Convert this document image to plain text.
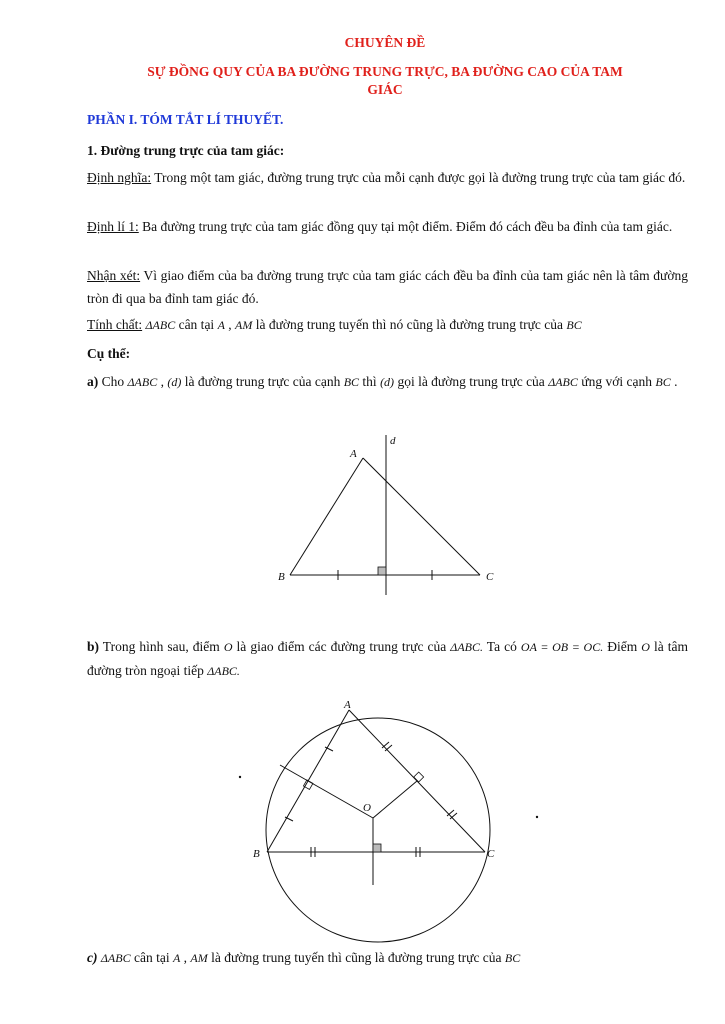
CHUYÊN ĐỀ
SỰ ĐỒNG QUY CỦA BA ĐƯỜNG TRUNG TRỰC, BA ĐƯỜNG CAO CỦA TAM
GIÁC
PHẦN I. TÓM TẮT LÍ THUYẾT.
1. Đường trung trực của tam giác:
Định nghĩa: Trong một tam giác, đường trung trực của mỗi cạnh được gọi là đường trung trực của tam giác đó.
Định lí 1: Ba đường trung trực của tam giác đồng quy tại một điểm. Điểm đó cách đều ba đỉnh của tam giác.
Nhận xét: Vì giao điểm của ba đường trung trực của tam giác cách đều ba đỉnh của tam giác nên là tâm đường tròn đi qua ba đỉnh tam giác đó.
Tính chất: ΔABC cân tại A , AM là đường trung tuyến thì nó cũng là đường trung trực của BC
Cụ thể:
a) Cho ΔABC , (d) là đường trung trực của cạnh BC thì (d) gọi là đường trung trực của ΔABC ứng với cạnh BC .
A
B	C
d
b) Trong hình sau, điểm O là giao điểm các đường trung trực của ΔABC. Ta có OA = OB = OC. Điểm O là tâm đường tròn ngoại tiếp ΔABC.
A
B	C
O
c) ΔABC cân tại A , AM là đường trung tuyến thì cũng là đường trung trực của BC
